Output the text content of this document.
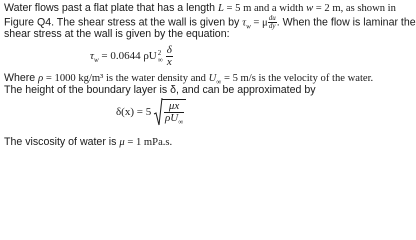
Water flows past a flat plate that has a length L = 5 m and a width w = 2 m, as shown in
Figure Q4. The shear stress at the wall is given by $\tau_w = \mu \frac{du}{dy}$ . When the flow is laminar the
shear stress at the wall is given by the equation:
$\tau_w = 0.0644$ ρU 2
∞ $\frac{\delta}{x}$
Where ρ = 1000 kg/m³ is the water density and $U_\infty = 5$ m/s is the velocity of the water.
The height of the boundary layer is δ, and can be approximated by
$\delta(x) = 5 \frac{\mu x}{\rho U_\infty}$
The viscosity of water is μ = 1 mPa.s.
